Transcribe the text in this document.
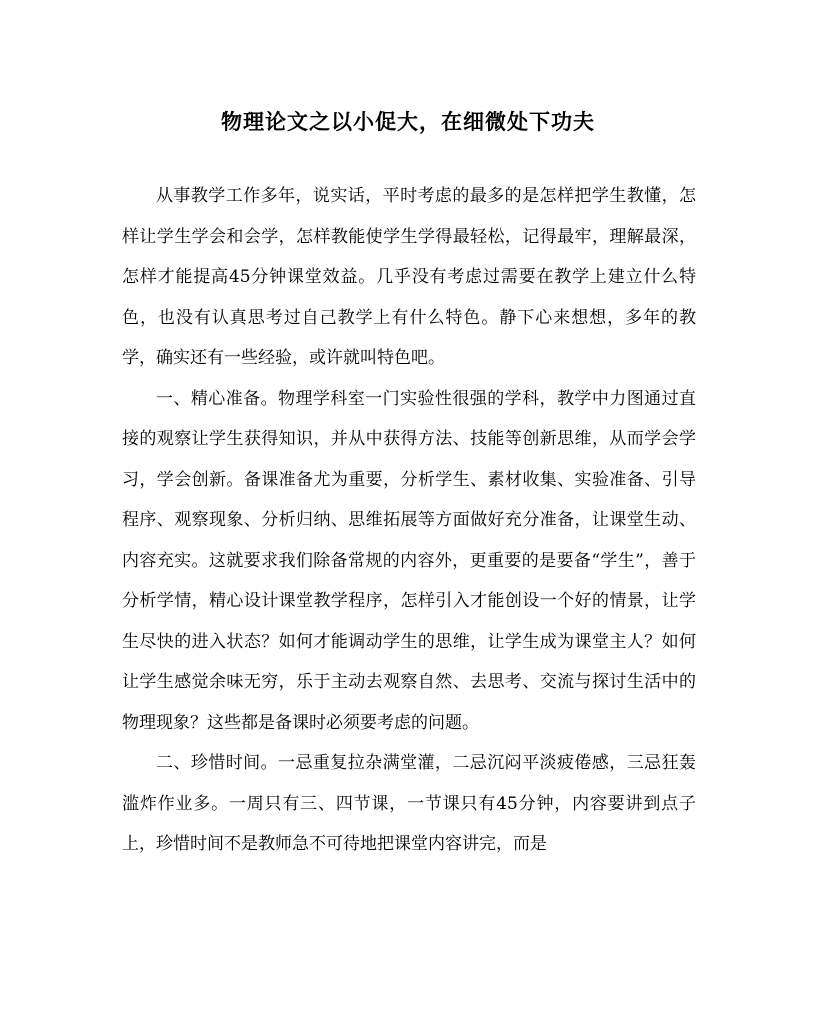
物理论文之以小促大，在细微处下功夫

从事教学工作多年，说实话，平时考虑的最多的是怎样把学生教懂，怎样让学生学会和会学，怎样教能使学生学得最轻松，记得最牢，理解最深，怎样才能提高45分钟课堂效益。几乎没有考虑过需要在教学上建立什么特色，也没有认真思考过自己教学上有什么特色。静下心来想想，多年的教学，确实还有一些经验，或许就叫特色吧。

一、精心准备。物理学科室一门实验性很强的学科，教学中力图通过直接的观察让学生获得知识，并从中获得方法、技能等创新思维，从而学会学习，学会创新。备课准备尤为重要，分析学生、素材收集、实验准备、引导程序、观察现象、分析归纳、思维拓展等方面做好充分准备，让课堂生动、内容充实。这就要求我们除备常规的内容外，更重要的是要备“学生”，善于分析学情，精心设计课堂教学程序，怎样引入才能创设一个好的情景，让学生尽快的进入状态？如何才能调动学生的思维，让学生成为课堂主人？如何让学生感觉余味无穷，乐于主动去观察自然、去思考、交流与探讨生活中的物理现象？这些都是备课时必须要考虑的问题。

二、珍惜时间。一忌重复拉杂满堂灌，二忌沉闷平淡疲倦感，三忌狂轰滥炸作业多。一周只有三、四节课，一节课只有45分钟，内容要讲到点子上，珍惜时间不是教师急不可待地把课堂内容讲完，而是
